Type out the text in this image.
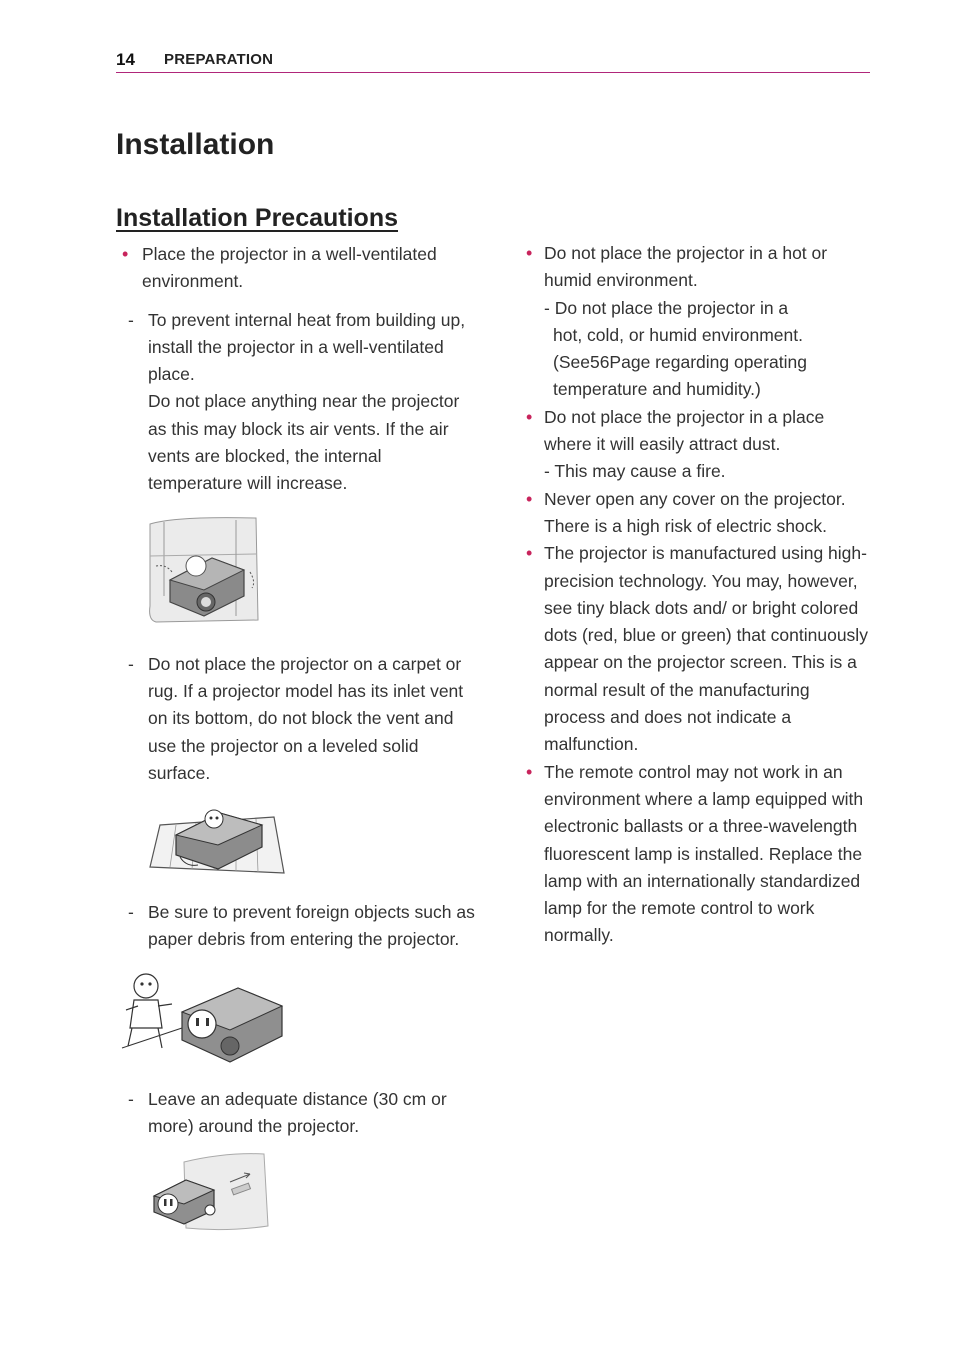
14 PREPARATION
Installation
Installation Precautions

• Place the projector in a well-ventilated environment.

- To prevent internal heat from building up, install the projector in a well-ventilated place.

Do not place anything near the projector as this may block its air vents. If the air vents are blocked, the internal temperature will increase.

- Do not place the projector on a carpet or rug. If a projector model has its inlet vent on its bottom, do not block the vent and use the projector on a leveled solid surface.

- Be sure to prevent foreign objects such as paper debris from entering the projector.

- Leave an adequate distance (30 cm or more) around the projector.

• Do not place the projector in a hot or humid environment.

- Do not place the projector in a

hot, cold, or humid environment.

(See56Page regarding operating

temperature and humidity.)

• Do not place the projector in a place where it will easily attract dust.

- This may cause a fire.

• Never open any cover on the projector. There is a high risk of electric shock.

• The projector is manufactured using high-precision technology. You may, however, see tiny black dots and/ or bright colored dots (red, blue or green) that continuously appear on the projector screen. This is a normal result of the manufacturing process and does not indicate a malfunction.

• The remote control may not work in an environment where a lamp equipped with electronic ballasts or a three-wavelength fluorescent lamp is installed. Replace the lamp with an internationally standardized lamp for the remote control to work normally.
